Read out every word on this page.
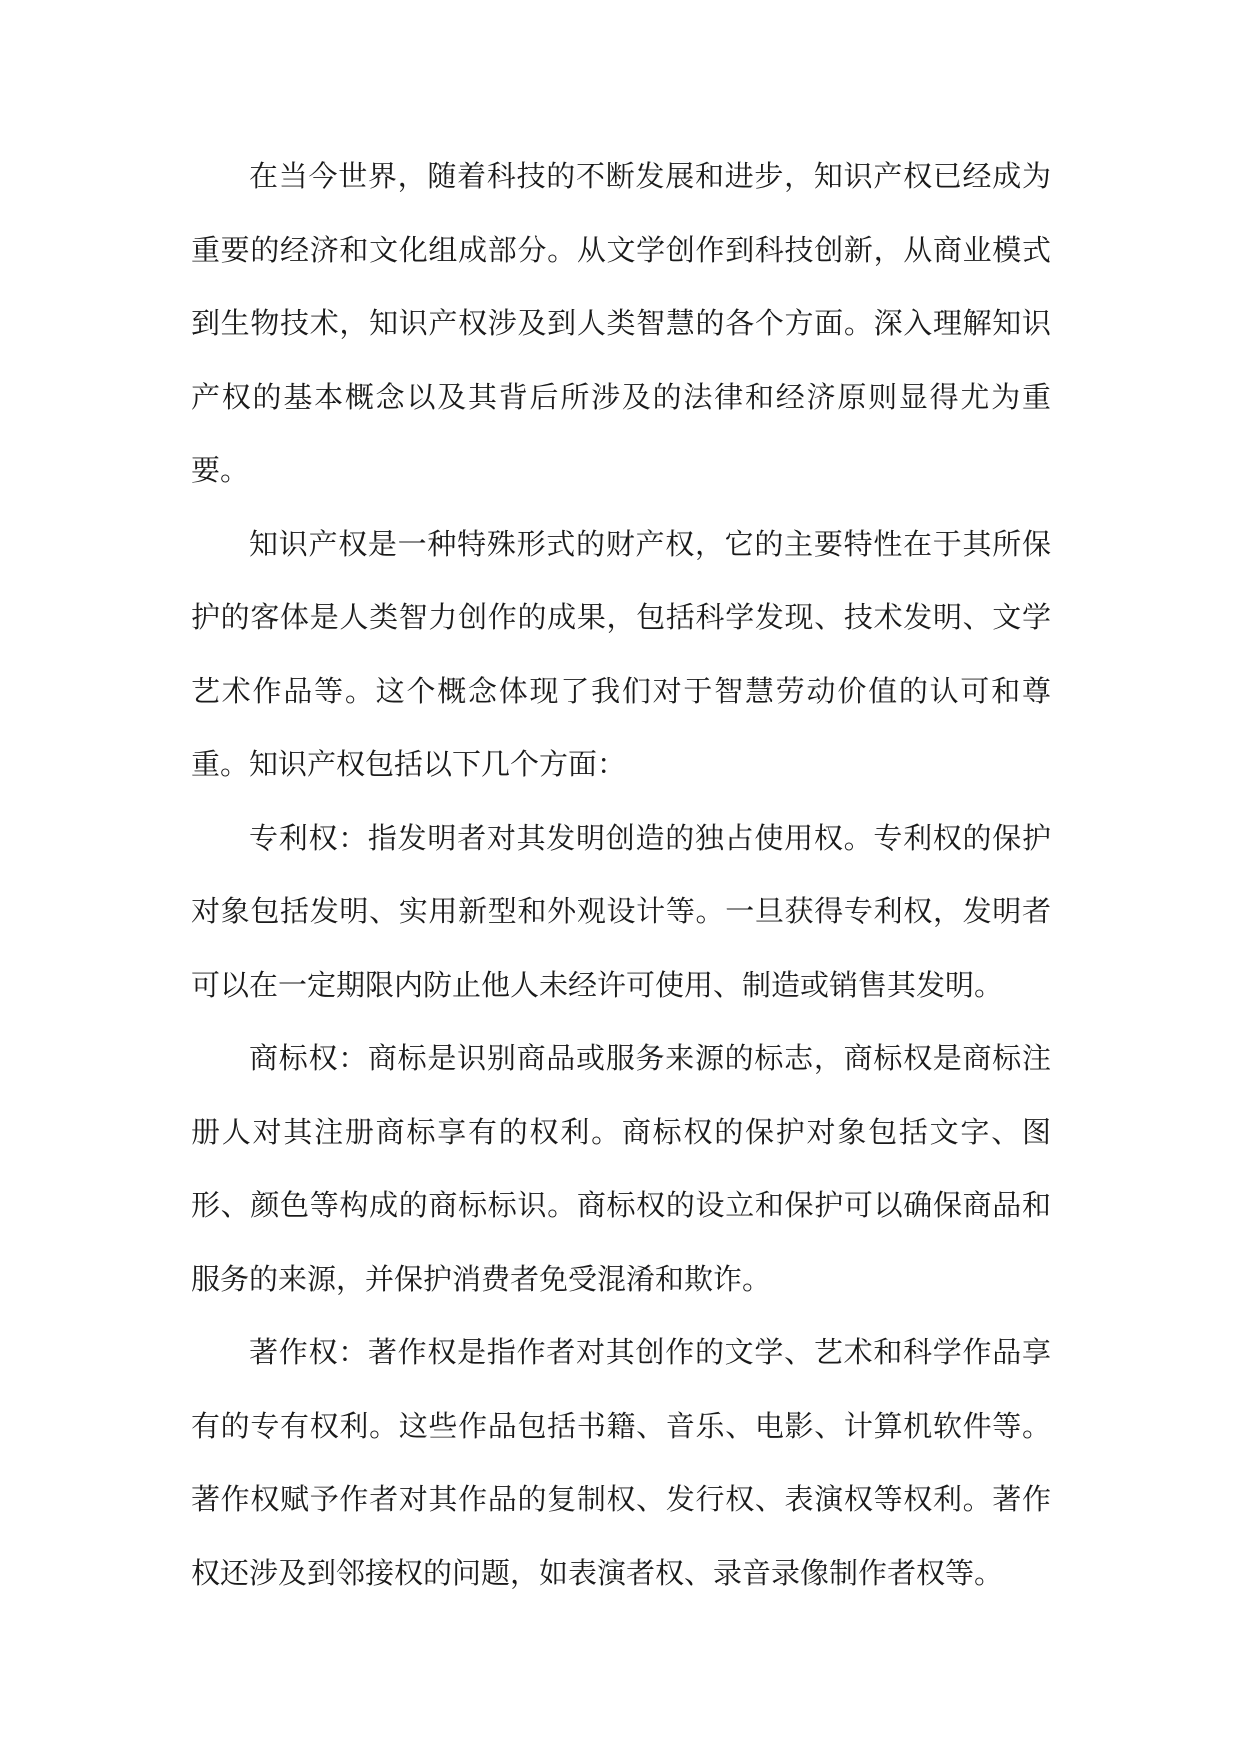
在当今世界，随着科技的不断发展和进步，知识产权已经成为重要的经济和文化组成部分。从文学创作到科技创新，从商业模式到生物技术，知识产权涉及到人类智慧的各个方面。深入理解知识产权的基本概念以及其背后所涉及的法律和经济原则显得尤为重要。

知识产权是一种特殊形式的财产权，它的主要特性在于其所保护的客体是人类智力创作的成果，包括科学发现、技术发明、文学艺术作品等。这个概念体现了我们对于智慧劳动价值的认可和尊重。知识产权包括以下几个方面：

专利权：指发明者对其发明创造的独占使用权。专利权的保护对象包括发明、实用新型和外观设计等。一旦获得专利权，发明者可以在一定期限内防止他人未经许可使用、制造或销售其发明。

商标权：商标是识别商品或服务来源的标志，商标权是商标注册人对其注册商标享有的权利。商标权的保护对象包括文字、图形、颜色等构成的商标标识。商标权的设立和保护可以确保商品和服务的来源，并保护消费者免受混淆和欺诈。

著作权：著作权是指作者对其创作的文学、艺术和科学作品享有的专有权利。这些作品包括书籍、音乐、电影、计算机软件等。著作权赋予作者对其作品的复制权、发行权、表演权等权利。著作权还涉及到邻接权的问题，如表演者权、录音录像制作者权等。
